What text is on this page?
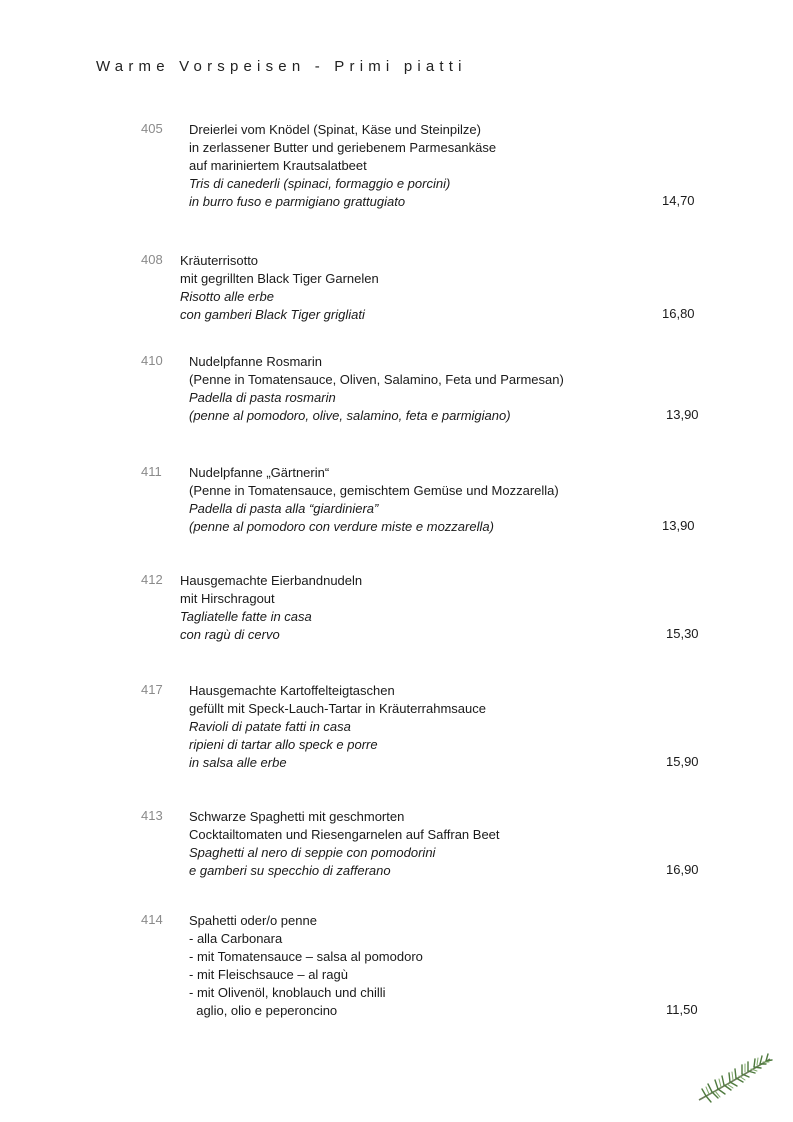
Warme Vorspeisen - Primi piatti
405 Dreierlei vom Knödel (Spinat, Käse und Steinpilze)
in zerlassener Butter und geriebenem Parmesankäse
auf mariniertem Krautsalatbeet
Tris di canederli (spinaci, formaggio e porcini)
in burro fuso e parmigiano grattugiato	14,70
408 Kräuterrisotto
mit gegrillten Black Tiger Garnelen
Risotto alle erbe
con gamberi Black Tiger grigliati	16,80
410 Nudelpfanne Rosmarin
(Penne in Tomatensauce, Oliven, Salamino, Feta und Parmesan)
Padella di pasta rosmarin
(penne al pomodoro, olive, salamino, feta e parmigiano)	13,90
411 Nudelpfanne „Gärtnerin“
(Penne in Tomatensauce, gemischtem Gemüse und Mozzarella)
Padella di pasta alla “giardiniera”
(penne al pomodoro con verdure miste e mozzarella)	13,90
412 Hausgemachte Eierbandnudeln
mit Hirschragout
Tagliatelle fatte in casa
con ragù di cervo	15,30
417 Hausgemachte Kartoffelteigtaschen
gefüllt mit Speck-Lauch-Tartar in Kräuterrahmsauce
Ravioli di patate fatti in casa
ripieni di tartar allo speck e porre
in salsa alle erbe	15,90
413 Schwarze Spaghetti mit geschmorten
Cocktailtomaten und Riesengarnelen auf Saffran Beet
Spaghetti al nero di seppie con pomodorini
e gamberi su specchio di zafferano	16,90
414 Spahetti oder/o penne
- alla Carbonara
- mit Tomatensauce – salsa al pomodoro
- mit Fleischsauce – al ragù
- mit Olivenöl, knoblauch und chilli
aglio, olio e peperoncino	11,50
